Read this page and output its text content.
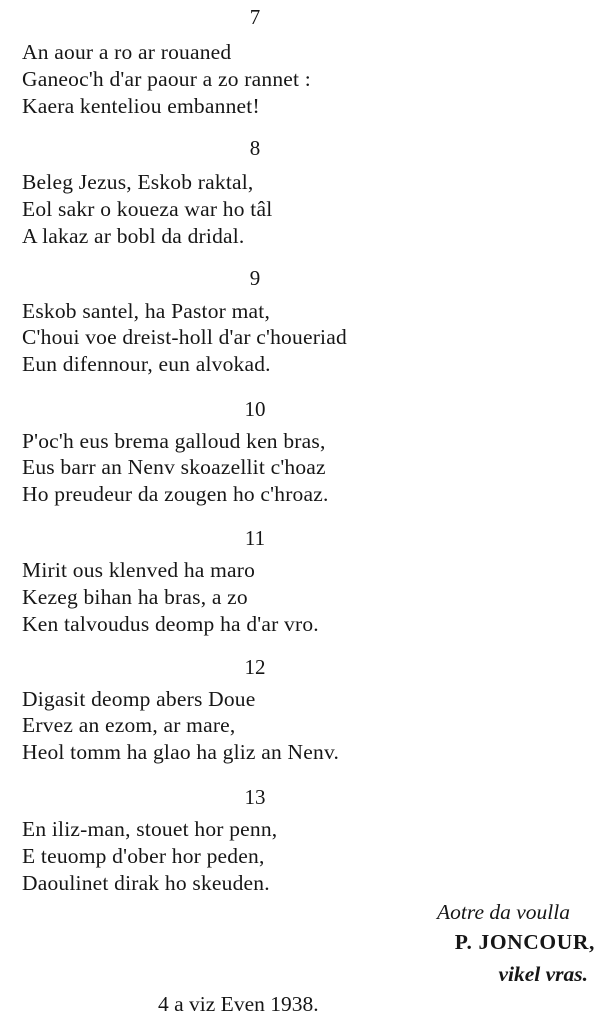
7
An aour a ro ar rouaned
Ganeoc'h d'ar paour a zo rannet :
Kaera kenteliou embannet!
8
Beleg Jezus, Eskob raktal,
Eol sakr o koueza war ho tâl
A lakaz ar bobl da dridal.
9
Eskob santel, ha Pastor mat,
C'houi voe dreist-holl d'ar c'houeriad
Eun difennour, eun alvokad.
10
P'oc'h eus brema galloud ken bras,
Eus barr an Nenv skoazellit c'hoaz
Ho preudeur da zougen ho c'hroaz.
11
Mirit ous klenved ha maro
Kezeg bihan ha bras, a zo
Ken talvoudus deomp ha d'ar vro.
12
Digasit deomp abers Doue
Ervez an ezom, ar mare,
Heol tomm ha glao ha gliz an Nenv.
13
En iliz-man, stouet hor penn,
E teuomp d'ober hor peden,
Daoulinet dirak ho skeuden.
Aotre da voulla
P. JONCOUR,
vikel vras.
4 a viz Even 1938.
